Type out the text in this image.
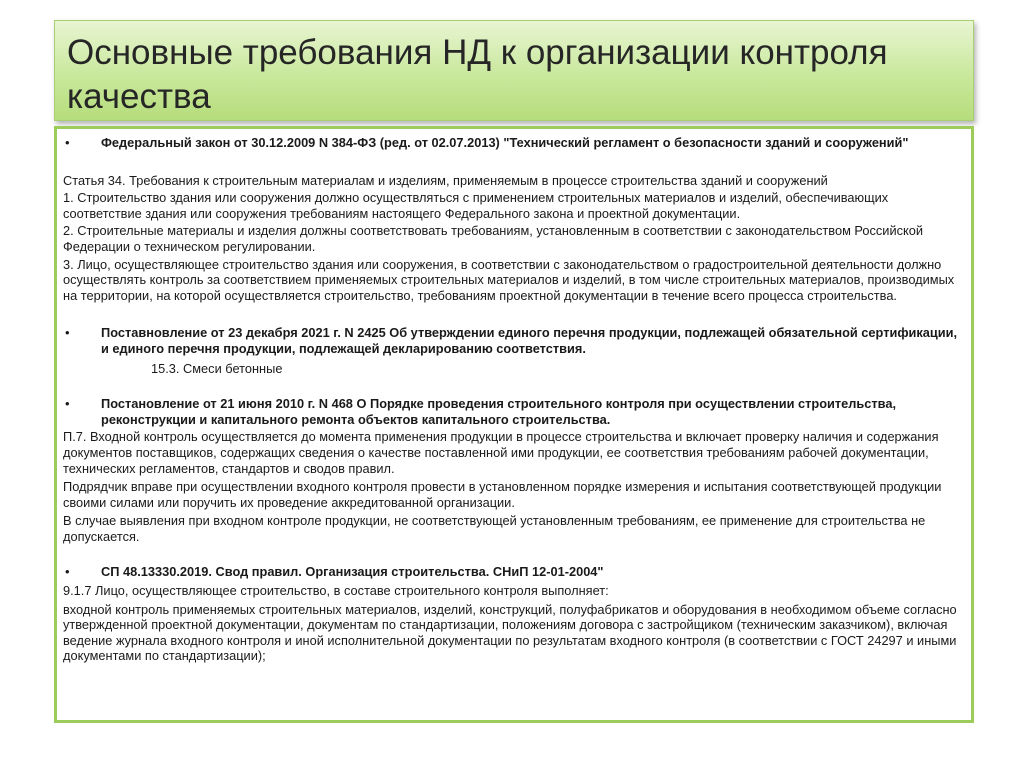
Основные требования НД к организации контроля качества
• Федеральный закон от 30.12.2009 N 384-ФЗ (ред. от 02.07.2013) "Технический регламент о безопасности зданий и сооружений"

Статья 34. Требования к строительным материалам и изделиям, применяемым в процессе строительства зданий и сооружений

1. Строительство здания или сооружения должно осуществляться с применением строительных материалов и изделий, обеспечивающих соответствие здания или сооружения требованиям настоящего Федерального закона и проектной документации.

2. Строительные материалы и изделия должны соответствовать требованиям, установленным в соответствии с законодательством Российской Федерации о техническом регулировании.

3. Лицо, осуществляющее строительство здания или сооружения, в соответствии с законодательством о градостроительной деятельности должно осуществлять контроль за соответствием применяемых строительных материалов и изделий, в том числе строительных материалов, производимых на территории, на которой осуществляется строительство, требованиям проектной документации в течение всего процесса строительства.

• Поставновление от 23 декабря 2021 г. N 2425 Об утверждении единого перечня продукции, подлежащей обязательной сертификации, и единого перечня продукции, подлежащей декларированию соответствия.

15.3. Смеси бетонные

• Постановление от 21 июня 2010 г. N 468 О Порядке проведения строительного контроля при осуществлении строительства, реконструкции и капитального ремонта объектов капитального строительства.

П.7. Входной контроль осуществляется до момента применения продукции в процессе строительства и включает проверку наличия и содержания документов поставщиков, содержащих сведения о качестве поставленной ими продукции, ее соответствия требованиям рабочей документации, технических регламентов, стандартов и сводов правил.

Подрядчик вправе при осуществлении входного контроля провести в установленном порядке измерения и испытания соответствующей продукции своими силами или поручить их проведение аккредитованной организации.

В случае выявления при входном контроле продукции, не соответствующей установленным требованиям, ее применение для строительства не допускается.

• СП 48.13330.2019. Свод правил. Организация строительства. СНиП 12-01-2004"

9.1.7 Лицо, осуществляющее строительство, в составе строительного контроля выполняет:

входной контроль применяемых строительных материалов, изделий, конструкций, полуфабрикатов и оборудования в необходимом объеме согласно утвержденной проектной документации, документам по стандартизации, положениям договора с застройщиком (техническим заказчиком), включая ведение журнала входного контроля и иной исполнительной документации по результатам входного контроля (в соответствии с ГОСТ 24297 и иными документами по стандартизации);
